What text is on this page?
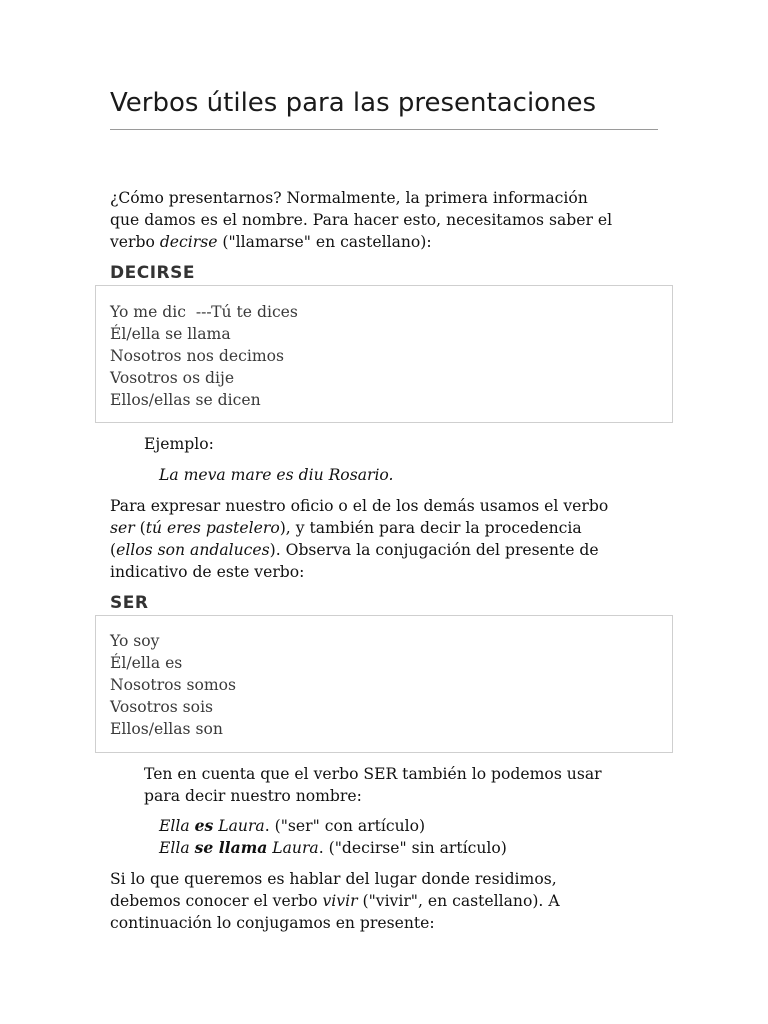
Verbos útiles para las presentaciones

¿Cómo presentarnos? Normalmente, la primera información
que damos es el nombre. Para hacer esto, necesitamos saber el
verbo decirse ("llamarse" en castellano):

DECIRSE
Yo me dic  ---Tú te dices
Él/ella se llama
Nosotros nos decimos
Vosotros os dije
Ellos/ellas se dicen
Ejemplo:
La meva mare es diu Rosario.

Para expresar nuestro oficio o el de los demás usamos el verbo
ser (tú eres pastelero), y también para decir la procedencia
(ellos son andaluces). Observa la conjugación del presente de
indicativo de este verbo:

SER
Yo soy
Él/ella es
Nosotros somos
Vosotros sois
Ellos/ellas son

Ten en cuenta que el verbo SER también lo podemos usar
para decir nuestro nombre:

Ella es Laura. ("ser" con artículo)
Ella se llama Laura. ("decirse" sin artículo)

Si lo que queremos es hablar del lugar donde residimos,
debemos conocer el verbo vivir ("vivir", en castellano). A
continuación lo conjugamos en presente:
